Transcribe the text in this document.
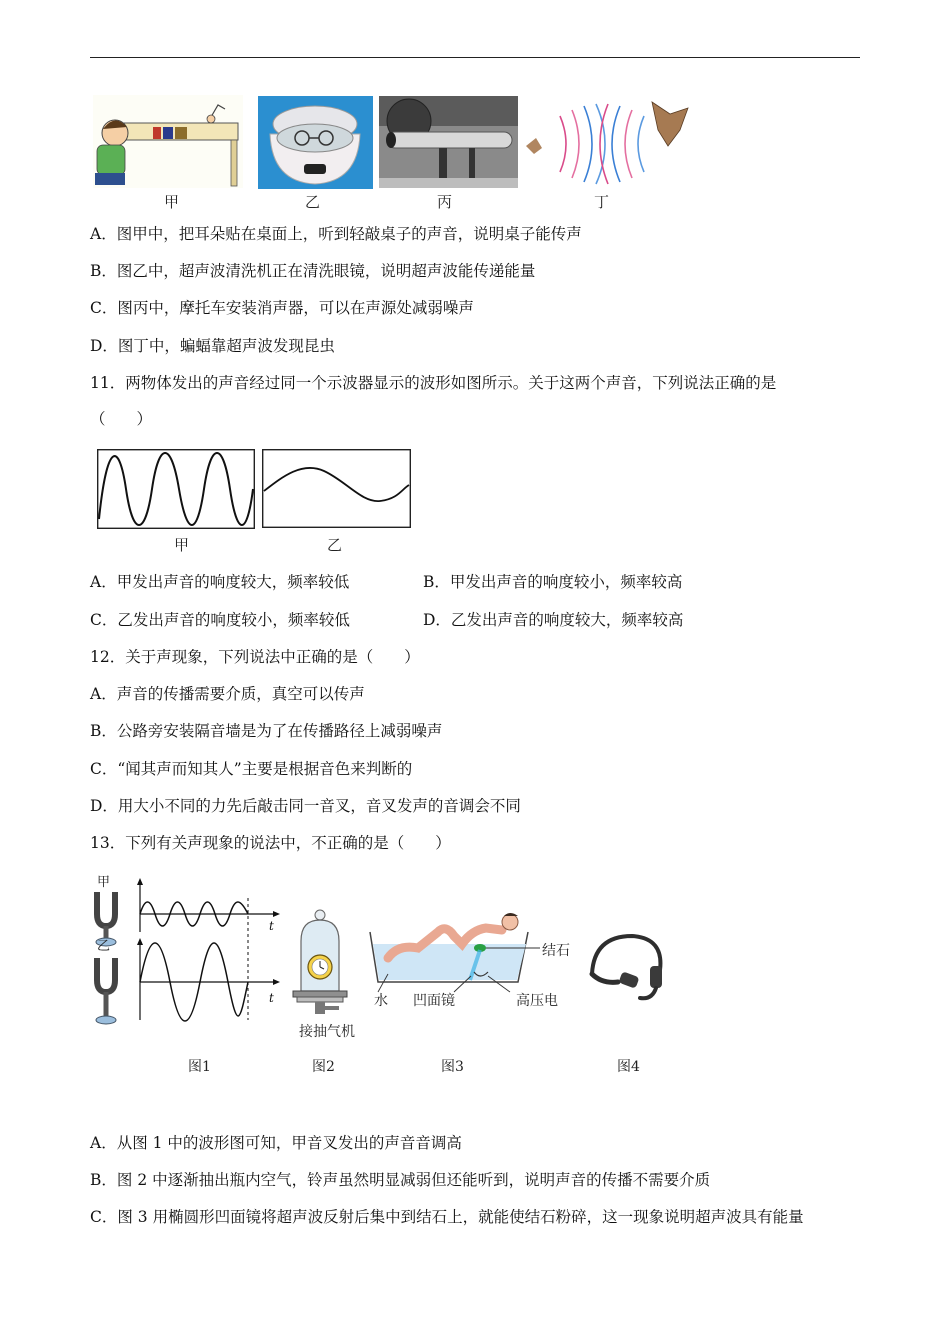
甲	乙	丙	丁
A．图甲中，把耳朵贴在桌面上，听到轻敲桌子的声音，说明桌子能传声
B．图乙中，超声波清洗机正在清洗眼镜，说明超声波能传递能量
C．图丙中，摩托车安装消声器，可以在声源处减弱噪声
D．图丁中，蝙蝠靠超声波发现昆虫
11．两物体发出的声音经过同一个示波器显示的波形如图所示。关于这两个声音，下列说法正确的是
（　　）
甲	乙
A．甲发出声音的响度较大，频率较低	B．甲发出声音的响度较小，频率较高
C．乙发出声音的响度较小，频率较低	D．乙发出声音的响度较大，频率较高
12．关于声现象，下列说法中正确的是（　　）
A．声音的传播需要介质，真空可以传声
B．公路旁安装隔音墙是为了在传播路径上减弱噪声
C．“闻其声而知其人”主要是根据音色来判断的
D．用大小不同的力先后敲击同一音叉，音叉发声的音调会不同
13．下列有关声现象的说法中，不正确的是（　　）
甲
乙
t
t
接抽气机
结石
水 凹面镜	高压电
图1	图2	图3	图4
A．从图 1 中的波形图可知，甲音叉发出的声音音调高
B．图 2 中逐渐抽出瓶内空气，铃声虽然明显减弱但还能听到，说明声音的传播不需要介质
C．图 3 用椭圆形凹面镜将超声波反射后集中到结石上，就能使结石粉碎，这一现象说明超声波具有能量
